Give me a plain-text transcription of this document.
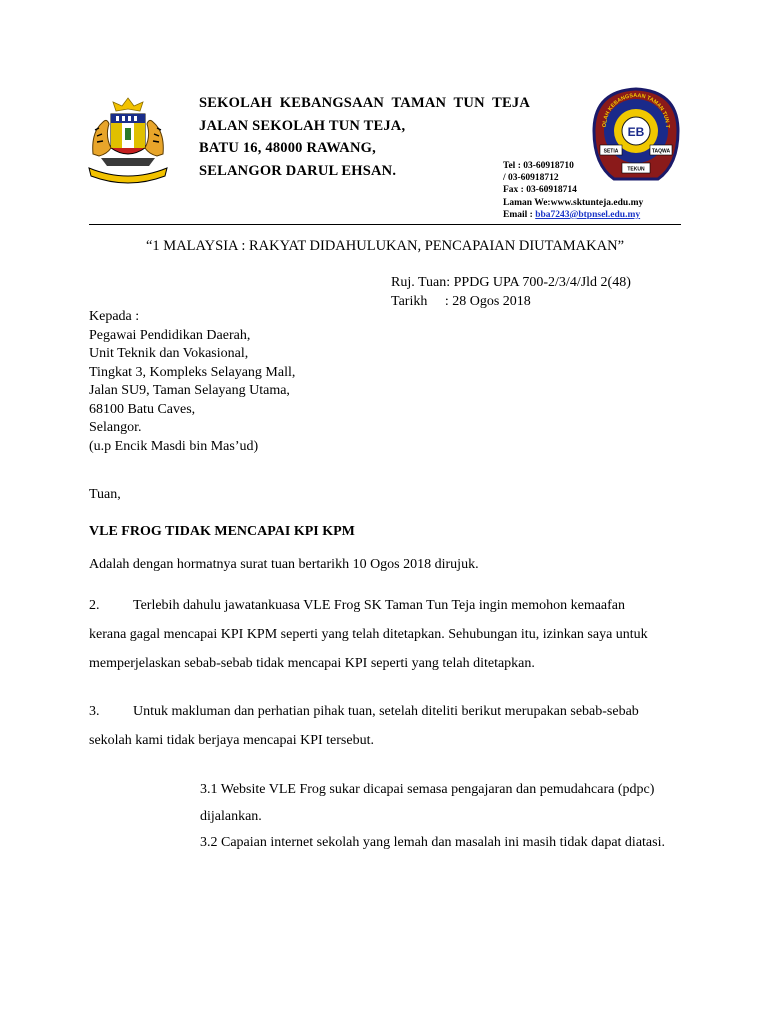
EB
SETIA	TAQWA
TEKUN
OLAH KEBANGSAAN TAMAN TUN T
SEKOLAH  KEBANGSAAN  TAMAN  TUN  TEJA
JALAN SEKOLAH TUN TEJA,
BATU 16, 48000 RAWANG,
SELANGOR DARUL EHSAN.	Tel : 03-60918710
/ 03-60918712
Fax : 03-60918714
Laman We:www.sktunteja.edu.my
Email : bba7243@btpnsel.edu.my
“1 MALAYSIA : RAKYAT DIDAHULUKAN, PENCAPAIAN DIUTAMAKAN”
Ruj. Tuan: PPDG UPA 700-2/3/4/Jld 2(48)
Tarikh     : 28 Ogos 2018
Kepada :
Pegawai Pendidikan Daerah,
Unit Teknik dan Vokasional,
Tingkat 3, Kompleks Selayang Mall,
Jalan SU9, Taman Selayang Utama,
68100 Batu Caves,
Selangor.
(u.p Encik Masdi bin Mas’ud)
Tuan,
VLE FROG TIDAK MENCAPAI KPI KPM
Adalah dengan hormatnya surat tuan bertarikh 10 Ogos 2018 dirujuk.
2. Terlebih dahulu jawatankuasa VLE Frog SK Taman Tun Teja ingin memohon kemaafan kerana gagal mencapai KPI KPM seperti yang telah ditetapkan. Sehubungan itu, izinkan saya untuk memperjelaskan sebab-sebab tidak mencapai KPI seperti yang telah ditetapkan.
3. Untuk makluman dan perhatian pihak tuan, setelah diteliti berikut merupakan sebab-sebab sekolah kami tidak berjaya mencapai KPI tersebut.
3.1 Website VLE Frog sukar dicapai semasa pengajaran dan pemudahcara (pdpc) dijalankan.
3.2 Capaian internet sekolah yang lemah dan masalah ini masih tidak dapat diatasi.
